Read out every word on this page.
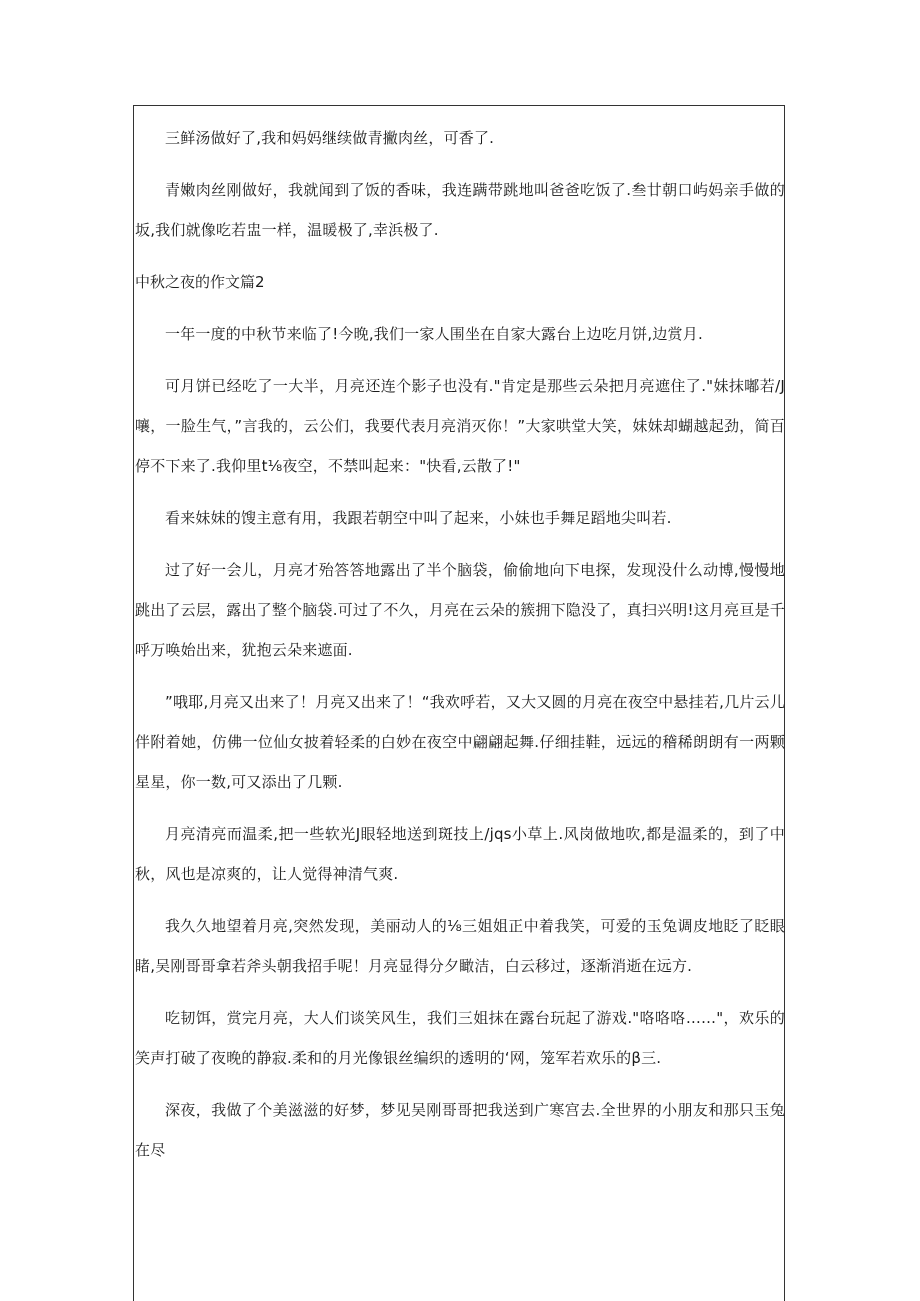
三鲜汤做好了,我和妈妈继续做青撇肉丝，可香了.

青嫩肉丝刚做好，我就闻到了饭的香味，我连蹒带跳地叫爸爸吃饭了.叁廿朝口屿妈亲手做的坂,我们就像吃若盅一样，温暖极了,幸浜极了.

中秋之夜的作文篇2

一年一度的中秋节来临了!今晚,我们一家人围坐在自家大露台上边吃月饼,边赏月.

可月饼已经吃了一大半，月亮还连个影子也没有."肯定是那些云朵把月亮遮住了."妹抹嘟若/J嚷，一脸生气，”言我的，云公们，我要代表月亮消灭你！”大家哄堂大笑，妹妹却蝴越起劲，简百停不下来了.我仰里t⅛夜空，不禁叫起来："快看,云散了!"

看来妹妹的馊主意有用，我跟若朝空中叫了起来，小妹也手舞足蹈地尖叫若.

过了好一会儿，月亮才殆答答地露出了半个脑袋，偷偷地向下电探，发现没什么动博,慢慢地跳出了云层，露出了整个脑袋.可过了不久，月亮在云朵的簇拥下隐没了，真扫兴明!这月亮亘是千呼万唤始出来，犹抱云朵来遮面.

”哦耶,月亮又出来了！月亮又出来了！“我欢呼若，又大又圆的月亮在夜空中悬挂若,几片云儿伴附着她，仿佛一位仙女披着轻柔的白妙在夜空中翩翩起舞.仔细挂鞋，远远的稽稀朗朗有一两颗星星，你一数,可又添出了几颗.

月亮清亮而温柔,把一些软光J眼轻地送到斑技上/jqs小草上.风岗做地吹,都是温柔的，到了中秋，风也是凉爽的，让人觉得神清气爽.

我久久地望着月亮,突然发现，美丽动人的⅛三姐姐正中着我笑，可爱的玉兔调皮地眨了眨眼睹,吴刚哥哥拿若斧头朝我招手呢！月亮显得分夕瞰洁，白云移过，逐渐消逝在远方.

吃韧饵，赏完月亮，大人们谈笑风生，我们三姐抹在露台玩起了游戏."咯咯咯……"，欢乐的笑声打破了夜晚的静寂.柔和的月光像银丝编织的透明的‘网，笼军若欢乐的β三.

深夜，我做了个美滋滋的好梦，梦见吴刚哥哥把我送到广寒宫去.全世界的小朋友和那只玉兔在尽
